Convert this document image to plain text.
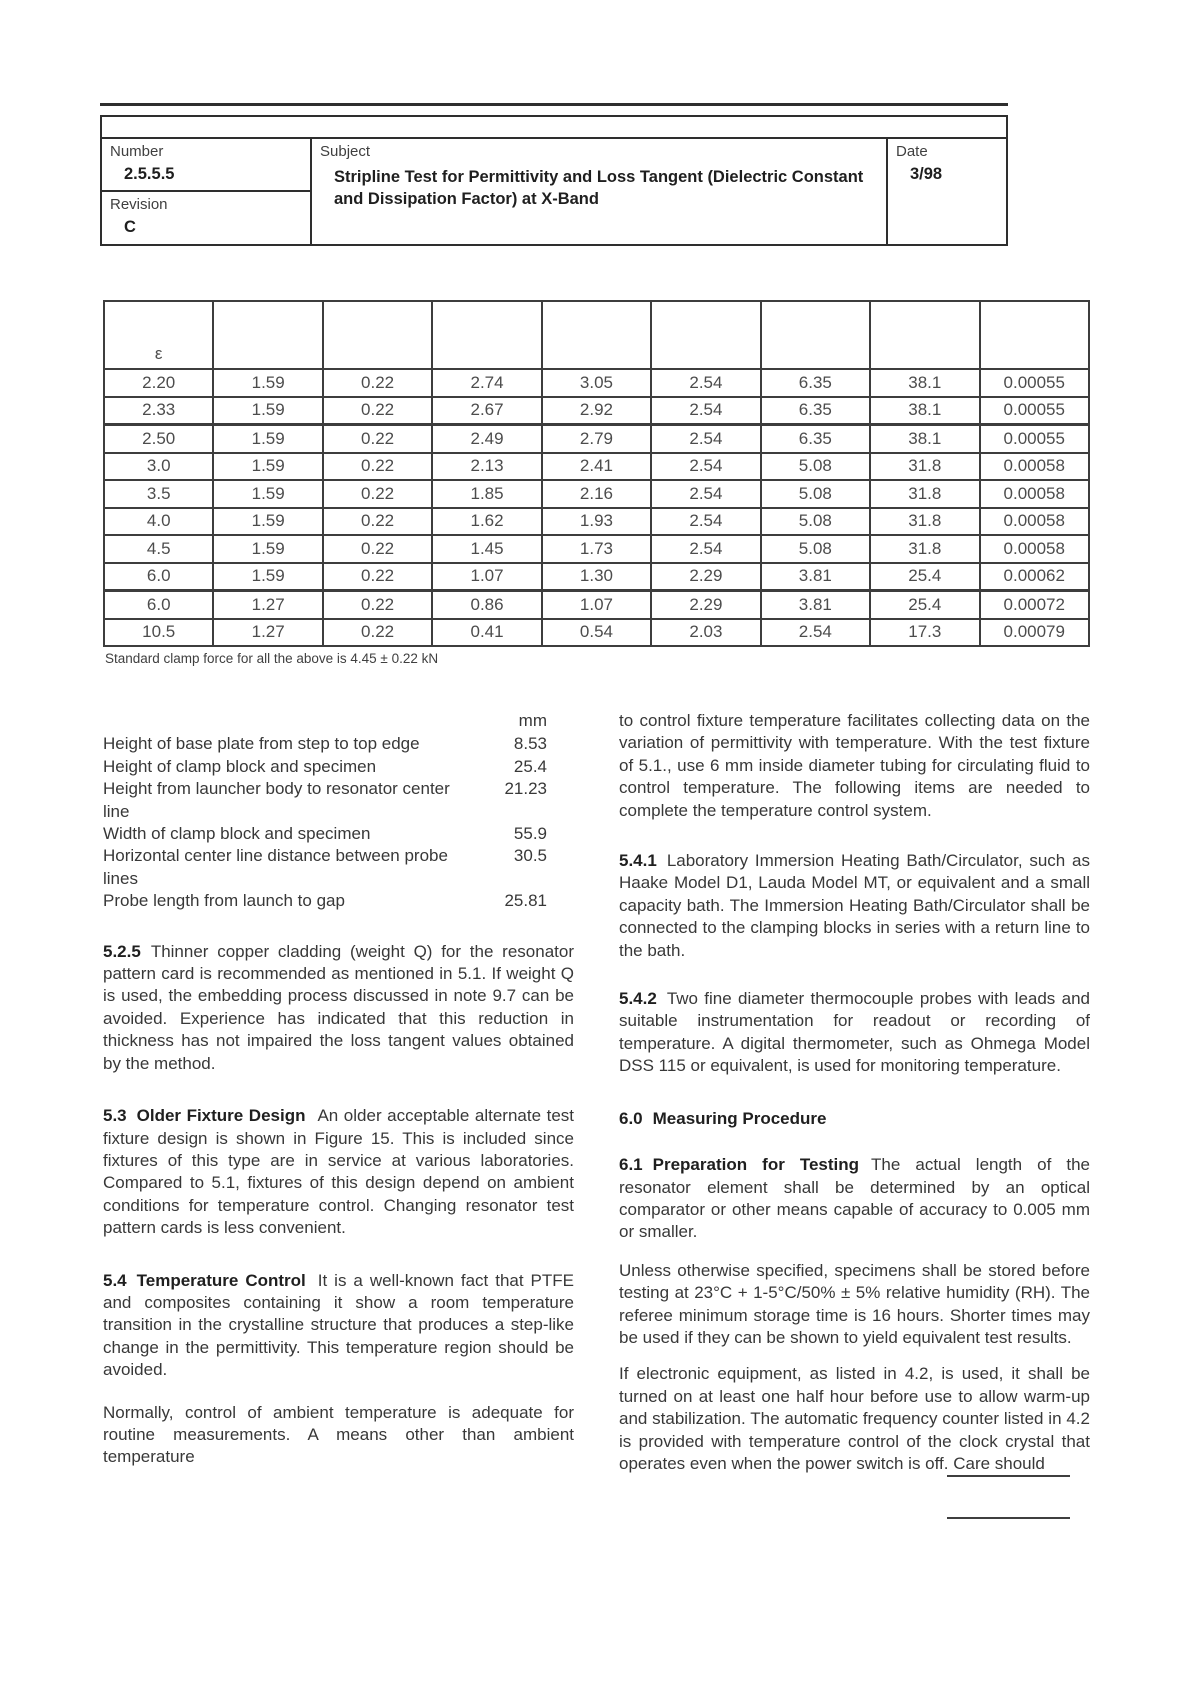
Number
2.5.5.5
Revision
C
Subject
Stripline Test for Permittivity and Loss Tangent (Dielectric Constant and Dissipation Factor) at X-Band
Date
3/98
ε								
2.20	1.59	0.22	2.74	3.05	2.54	6.35	38.1	0.00055
2.33	1.59	0.22	2.67	2.92	2.54	6.35	38.1	0.00055
2.50	1.59	0.22	2.49	2.79	2.54	6.35	38.1	0.00055
3.0	1.59	0.22	2.13	2.41	2.54	5.08	31.8	0.00058
3.5	1.59	0.22	1.85	2.16	2.54	5.08	31.8	0.00058
4.0	1.59	0.22	1.62	1.93	2.54	5.08	31.8	0.00058
4.5	1.59	0.22	1.45	1.73	2.54	5.08	31.8	0.00058
6.0	1.59	0.22	1.07	1.30	2.29	3.81	25.4	0.00062
6.0	1.27	0.22	0.86	1.07	2.29	3.81	25.4	0.00072
10.5	1.27	0.22	0.41	0.54	2.03	2.54	17.3	0.00079
Standard clamp force for all the above is 4.45 ± 0.22 kN
mm
Height of base plate from step to top edge	8.53
Height of clamp block and specimen	25.4
Height from launcher body to resonator center line
21.23
Width of clamp block and specimen	55.9
Horizontal center line distance between probe lines
30.5
Probe length from launch to gap	25.81

5.2.5 Thinner copper cladding (weight Q) for the resonator pattern card is recommended as mentioned in 5.1. If weight Q is used, the embedding process discussed in note 9.7 can be avoided. Experience has indicated that this reduction in thickness has not impaired the loss tangent values obtained by the method.

5.3 Older Fixture Design An older acceptable alternate test fixture design is shown in Figure 15. This is included since fixtures of this type are in service at various laboratories. Compared to 5.1, fixtures of this design depend on ambient conditions for temperature control. Changing resonator test pattern cards is less convenient.

5.4 Temperature Control It is a well-known fact that PTFE and composites containing it show a room temperature transition in the crystalline structure that produces a step-like change in the permittivity. This temperature region should be avoided.

Normally, control of ambient temperature is adequate for routine measurements. A means other than ambient temperature

to control fixture temperature facilitates collecting data on the variation of permittivity with temperature. With the test fixture of 5.1., use 6 mm inside diameter tubing for circulating fluid to control temperature. The following items are needed to complete the temperature control system.

5.4.1 Laboratory Immersion Heating Bath/Circulator, such as Haake Model D1, Lauda Model MT, or equivalent and a small capacity bath. The Immersion Heating Bath/Circulator shall be connected to the clamping blocks in series with a return line to the bath.

5.4.2 Two fine diameter thermocouple probes with leads and suitable instrumentation for readout or recording of temperature. A digital thermometer, such as Ohmega Model DSS 115 or equivalent, is used for monitoring temperature.

6.0 Measuring Procedure

6.1 Preparation for Testing The actual length of the resonator element shall be determined by an optical comparator or other means capable of accuracy to 0.005 mm or smaller.

Unless otherwise specified, specimens shall be stored before testing at 23°C + 1-5°C/50% ± 5% relative humidity (RH). The referee minimum storage time is 16 hours. Shorter times may be used if they can be shown to yield equivalent test results.

If electronic equipment, as listed in 4.2, is used, it shall be turned on at least one half hour before use to allow warm-up and stabilization. The automatic frequency counter listed in 4.2 is provided with temperature control of the clock crystal that operates even when the power switch is off. Care should
